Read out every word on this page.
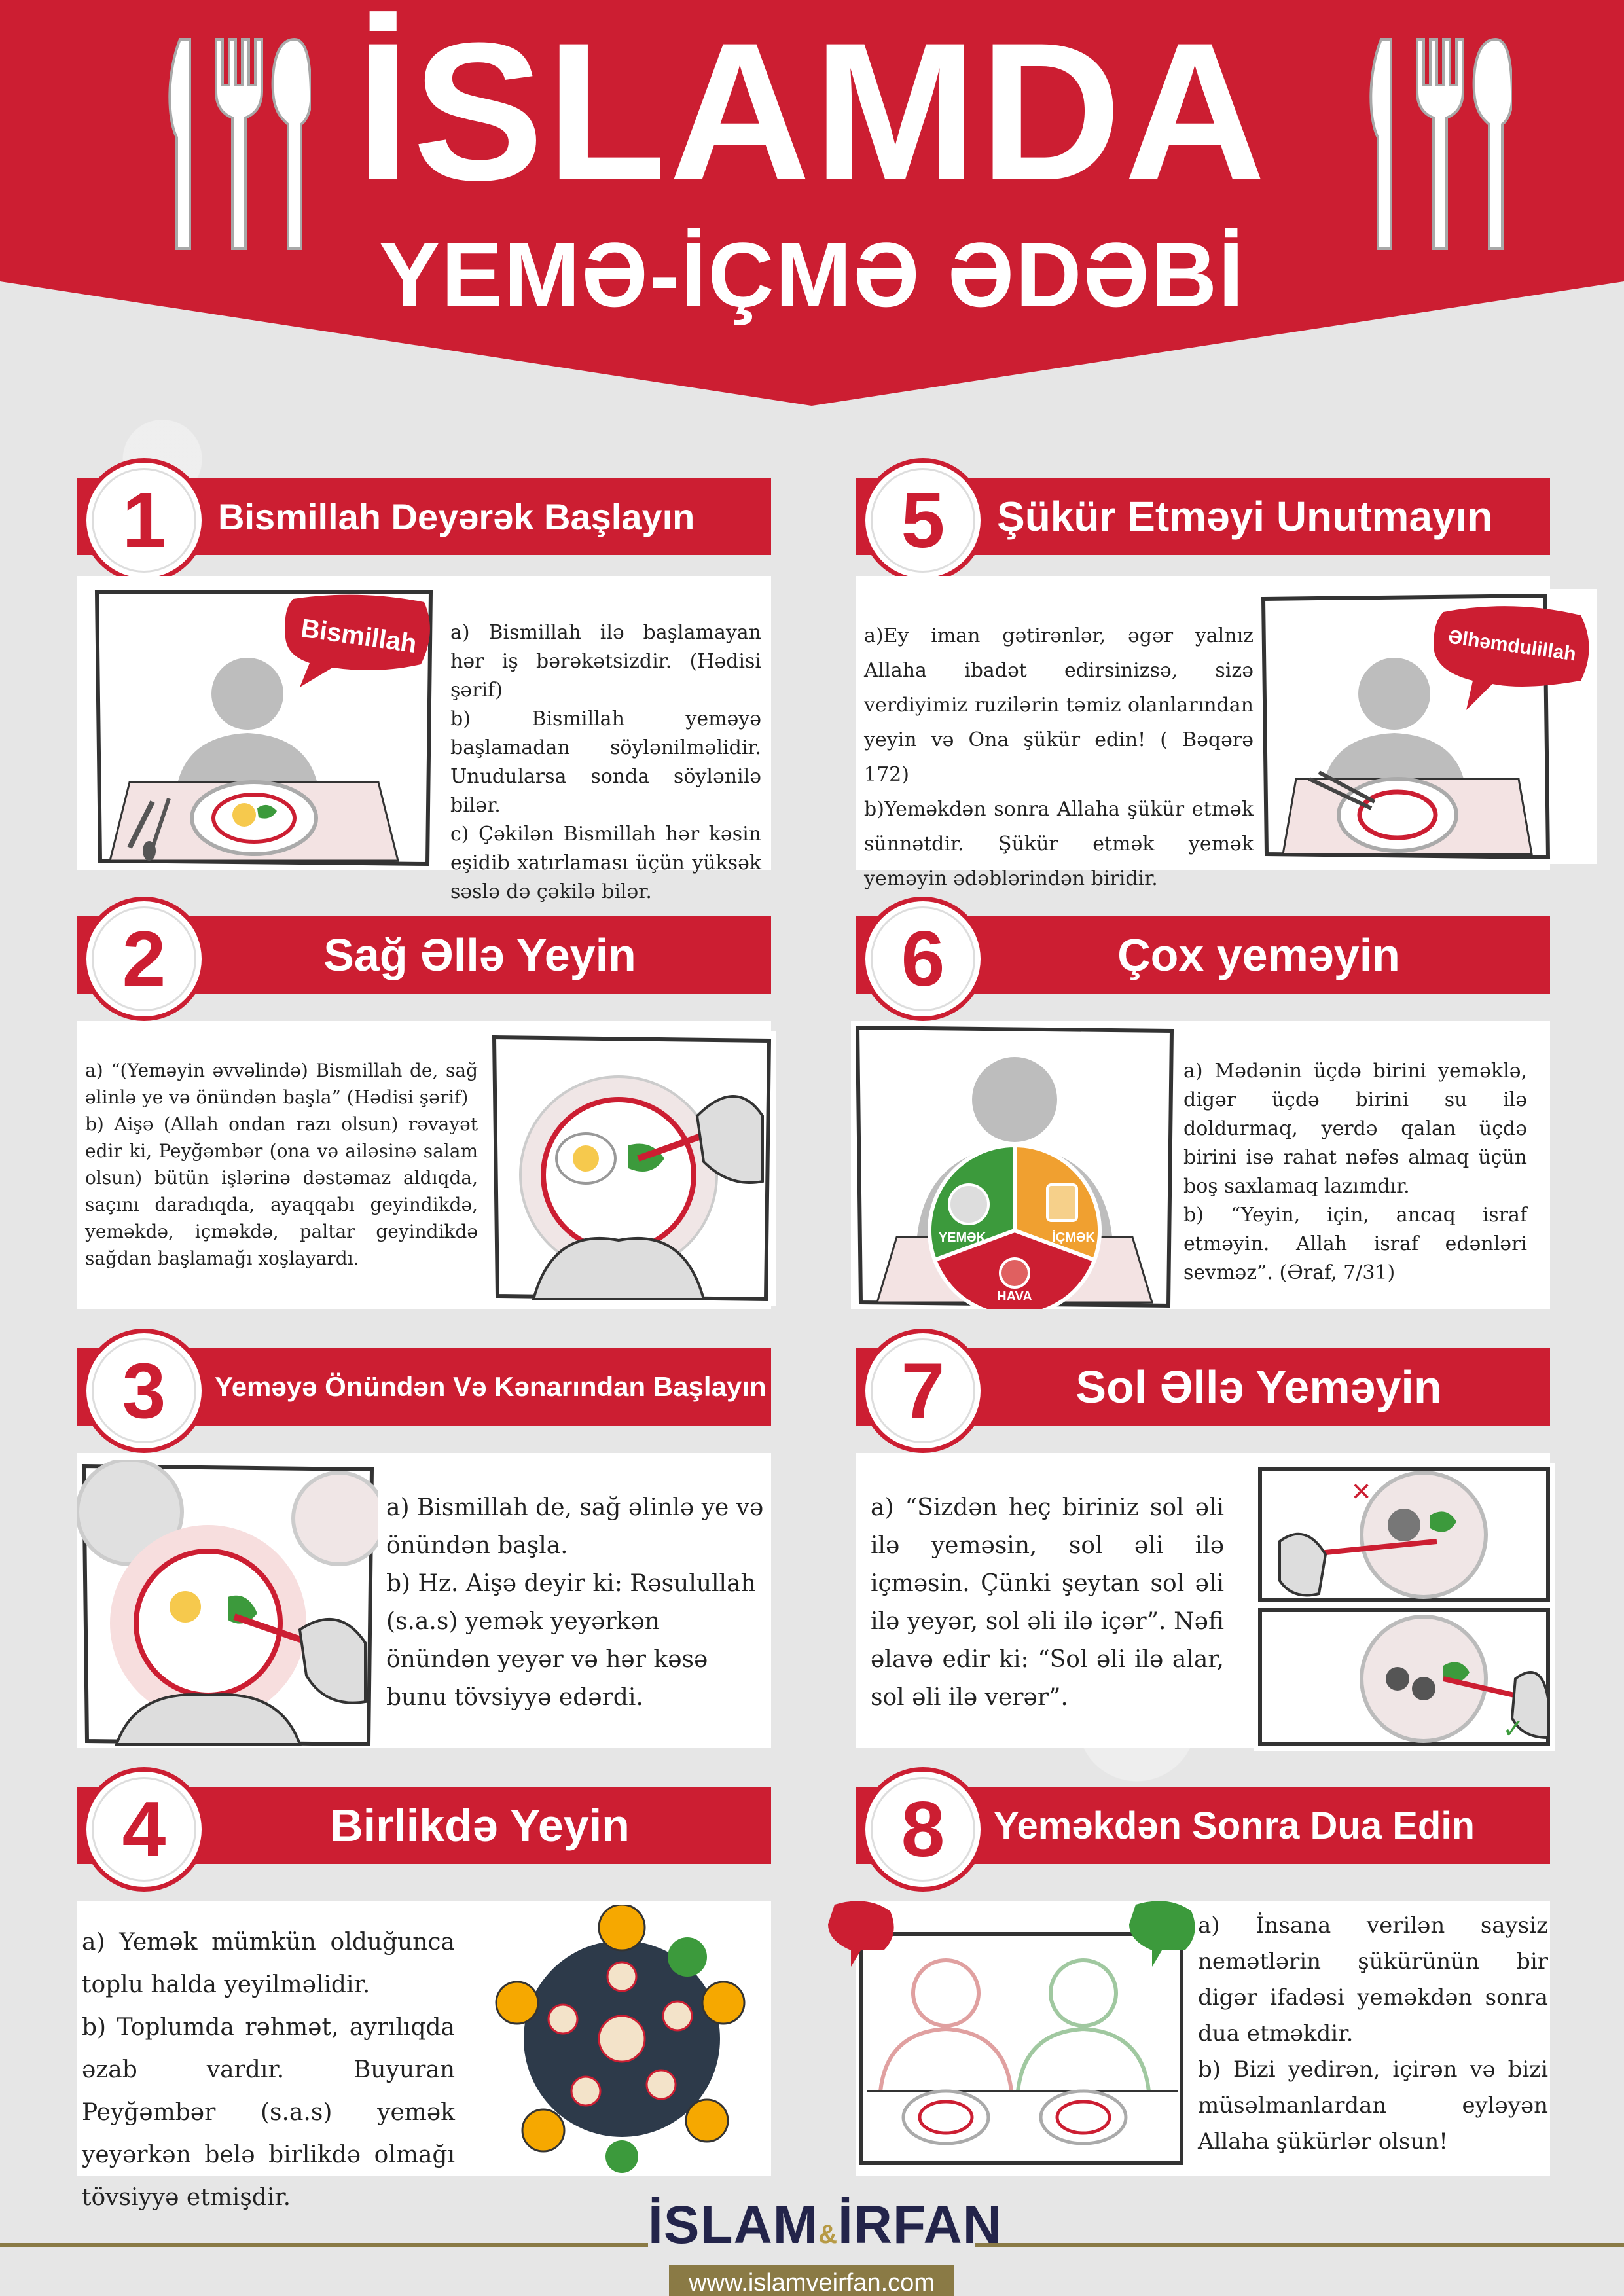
İSLAMDA
YEMƏ-İÇMƏ ƏDƏBİ
Bismillah Deyərək Başlayın
1
Bismillah	a) Bismillah ilə başlamayan hər iş bərəkətsizdir. (Hədisi şərif)

b) Bismillah yeməyə başlamadan söylənilməlidir. Unudularsa sonda söylənilə bilər.

c) Çəkilən Bismillah hər kəsin eşidib xatırlaması üçün yüksək səslə də çəkilə bilər.

Şükür Etməyi Unutmayın
5

a)Ey iman gətirənlər, əgər yalnız Allaha ibadət edirsinizsə, sizə verdiyimiz ruzilərin təmiz olanlarından yeyin və Ona şükür edin! ( Bəqərə 172)

b)Yeməkdən sonra Allaha şükür etmək sünnətdir. Şükür etmək yemək yeməyin ədəblərindən biridir.

Əlhəmdulillah
Sağ Əllə Yeyin
2

a) “(Yeməyin əvvəlində) Bismillah de, sağ əlinlə ye və önündən başla” (Hədisi şərif)

b) Aişə (Allah ondan razı olsun) rəvayət edir ki, Peyğəmbər (ona və ailəsinə salam olsun) bütün işlərinə dəstəmaz aldıqda, saçını daradıqda, ayaqqabı geyindikdə, yeməkdə, içməkdə, paltar geyindikdə sağdan başlamağı xoşlayardı.

Çox yeməyin
6
YEMƏK	İÇMƏK
HAVA

a) Mədənin üçdə birini yeməklə, digər üçdə birini su ilə doldurmaq, yerdə qalan üçdə birini isə rahat nəfəs almaq üçün boş saxlamaq lazımdır.

b) “Yeyin, için, ancaq israf etməyin. Allah israf edənləri sevməz”. (Əraf, 7/31)

Yeməyə Önündən Və Kənarından Başlayın
3

a) Bismillah de, sağ əlinlə ye və önündən başla.

b) Hz. Aişə deyir ki: Rəsulullah (s.a.s) yemək yeyərkən önündən yeyər və hər kəsə bunu tövsiyyə edərdi.

Sol Əllə Yeməyin
7

a) “Sizdən heç biriniz sol əli ilə yeməsin, sol əli ilə içməsin. Çünki şeytan sol əli ilə yeyər, sol əli ilə içər”. Nəfi əlavə edir ki: “Sol əli ilə alar, sol əli ilə verər”.

×
✓
Birlikdə Yeyin
4

a) Yemək mümkün olduğunca toplu halda yeyilməlidir.

b) Toplumda rəhmət, ayrılıqda əzab vardır. Buyuran Peyğəmbər (s.a.s) yemək yeyərkən belə birlikdə olmağı tövsiyyə etmişdir.

Yeməkdən Sonra Dua Edin
8

a) İnsana verilən saysiz nemətlərin şükürünün bir digər ifadəsi yeməkdən sonra dua etməkdir.

b) Bizi yedirən, içirən və bizi müsəlmanlardan eyləyən Allaha şükürlər olsun!

İSLAM&İRFAN
www.islamveirfan.com
